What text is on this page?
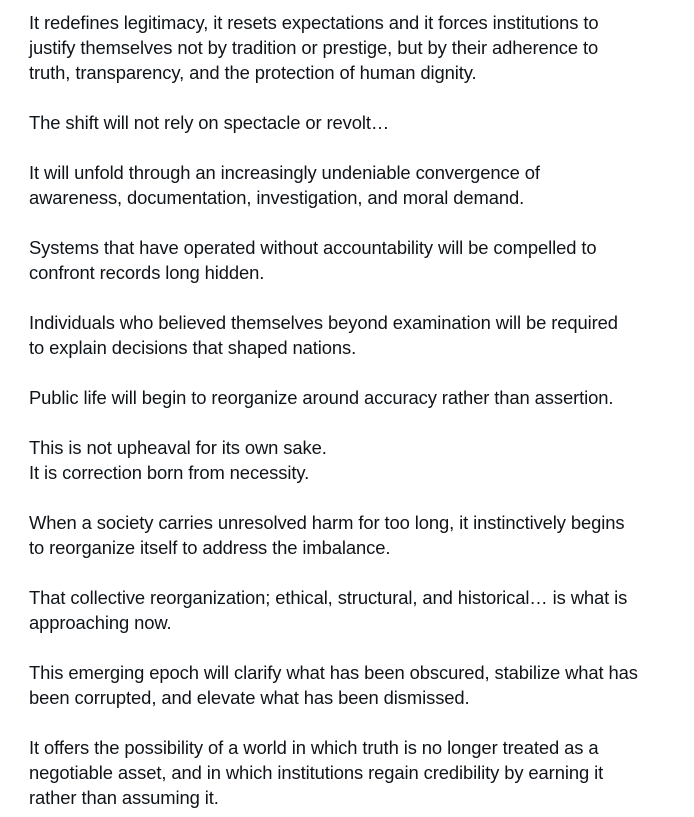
It redefines legitimacy, it resets expectations and it forces institutions to
justify themselves not by tradition or prestige, but by their adherence to
truth, transparency, and the protection of human dignity.

The shift will not rely on spectacle or revolt…

It will unfold through an increasingly undeniable convergence of
awareness, documentation, investigation, and moral demand.

Systems that have operated without accountability will be compelled to
confront records long hidden.

Individuals who believed themselves beyond examination will be required
to explain decisions that shaped nations.

Public life will begin to reorganize around accuracy rather than assertion.

This is not upheaval for its own sake.
It is correction born from necessity.

When a society carries unresolved harm for too long, it instinctively begins
to reorganize itself to address the imbalance.

That collective reorganization; ethical, structural, and historical… is what is
approaching now.

This emerging epoch will clarify what has been obscured, stabilize what has
been corrupted, and elevate what has been dismissed.

It offers the possibility of a world in which truth is no longer treated as a
negotiable asset, and in which institutions regain credibility by earning it
rather than assuming it.
